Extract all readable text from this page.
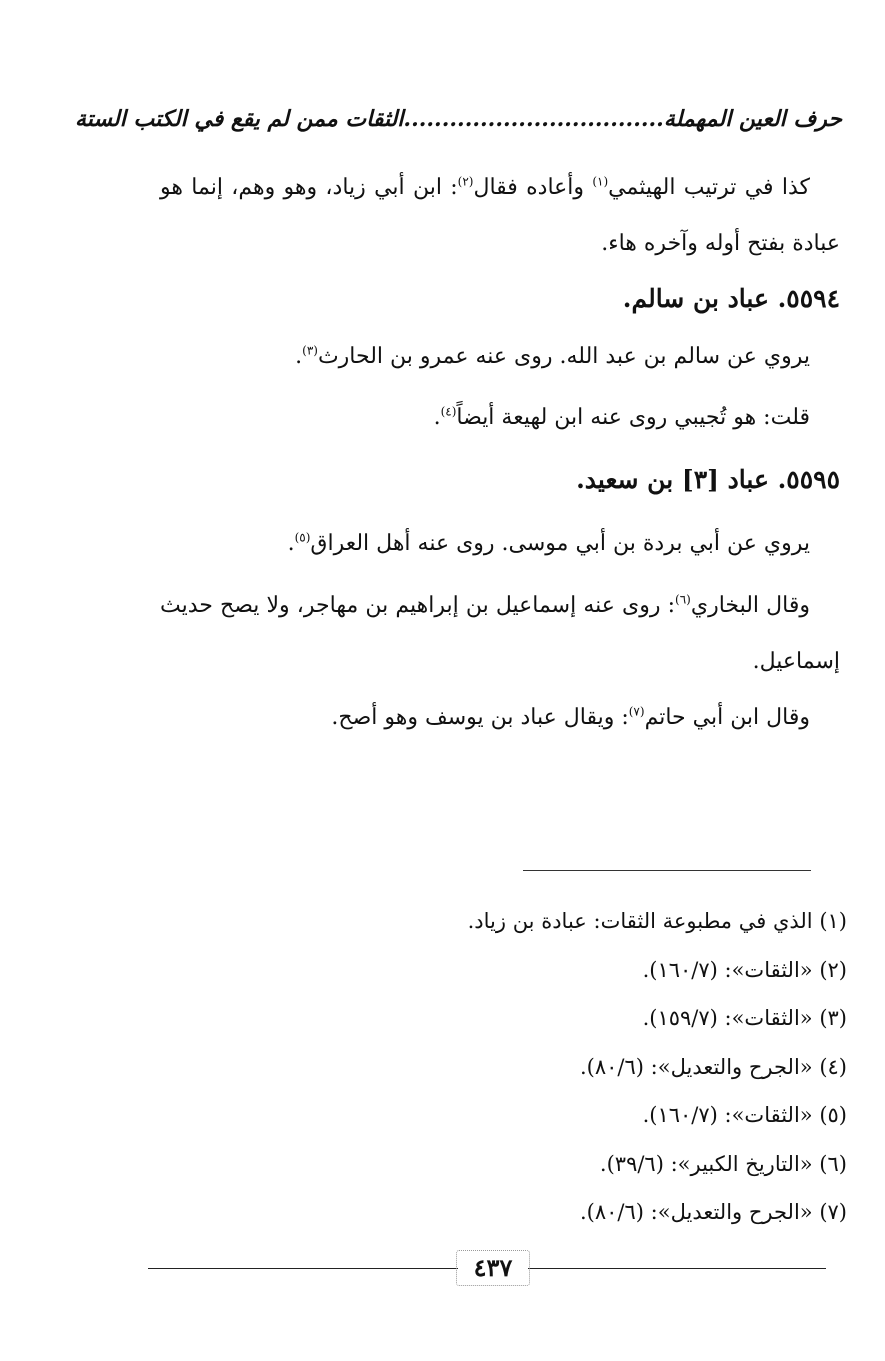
حرف العين المهملة..................................الثقات ممن لم يقع في الكتب الستة
كذا في ترتيب الهيثمي$^{(١)}$ وأعاده فقال$^{(٢)}$: ابن أبي زياد، وهو وهم، إنما هو عبادة بفتح أوله وآخره هاء.
٥٥٩٤. عباد بن سالم.
يروي عن سالم بن عبد الله. روى عنه عمرو بن الحارث$^{(٣)}$.
قلت: هو تُجيبي روى عنه ابن لهيعة أيضاً$^{(٤)}$.
٥٥٩٥. عباد [٣] بن سعيد.
يروي عن أبي بردة بن أبي موسى. روى عنه أهل العراق$^{(٥)}$.
وقال البخاري$^{(٦)}$: روى عنه إسماعيل بن إبراهيم بن مهاجر، ولا يصح حديث إسماعيل.
وقال ابن أبي حاتم$^{(٧)}$: ويقال عباد بن يوسف وهو أصح.
(١) الذي في مطبوعة الثقات: عبادة بن زياد.
(٢) «الثقات»: (١٦٠/٧).
(٣) «الثقات»: (١٥٩/٧).
(٤) «الجرح والتعديل»: (٨٠/٦).
(٥) «الثقات»: (١٦٠/٧).
(٦) «التاريخ الكبير»: (٣٩/٦).
(٧) «الجرح والتعديل»: (٨٠/٦).
٤٣٧
